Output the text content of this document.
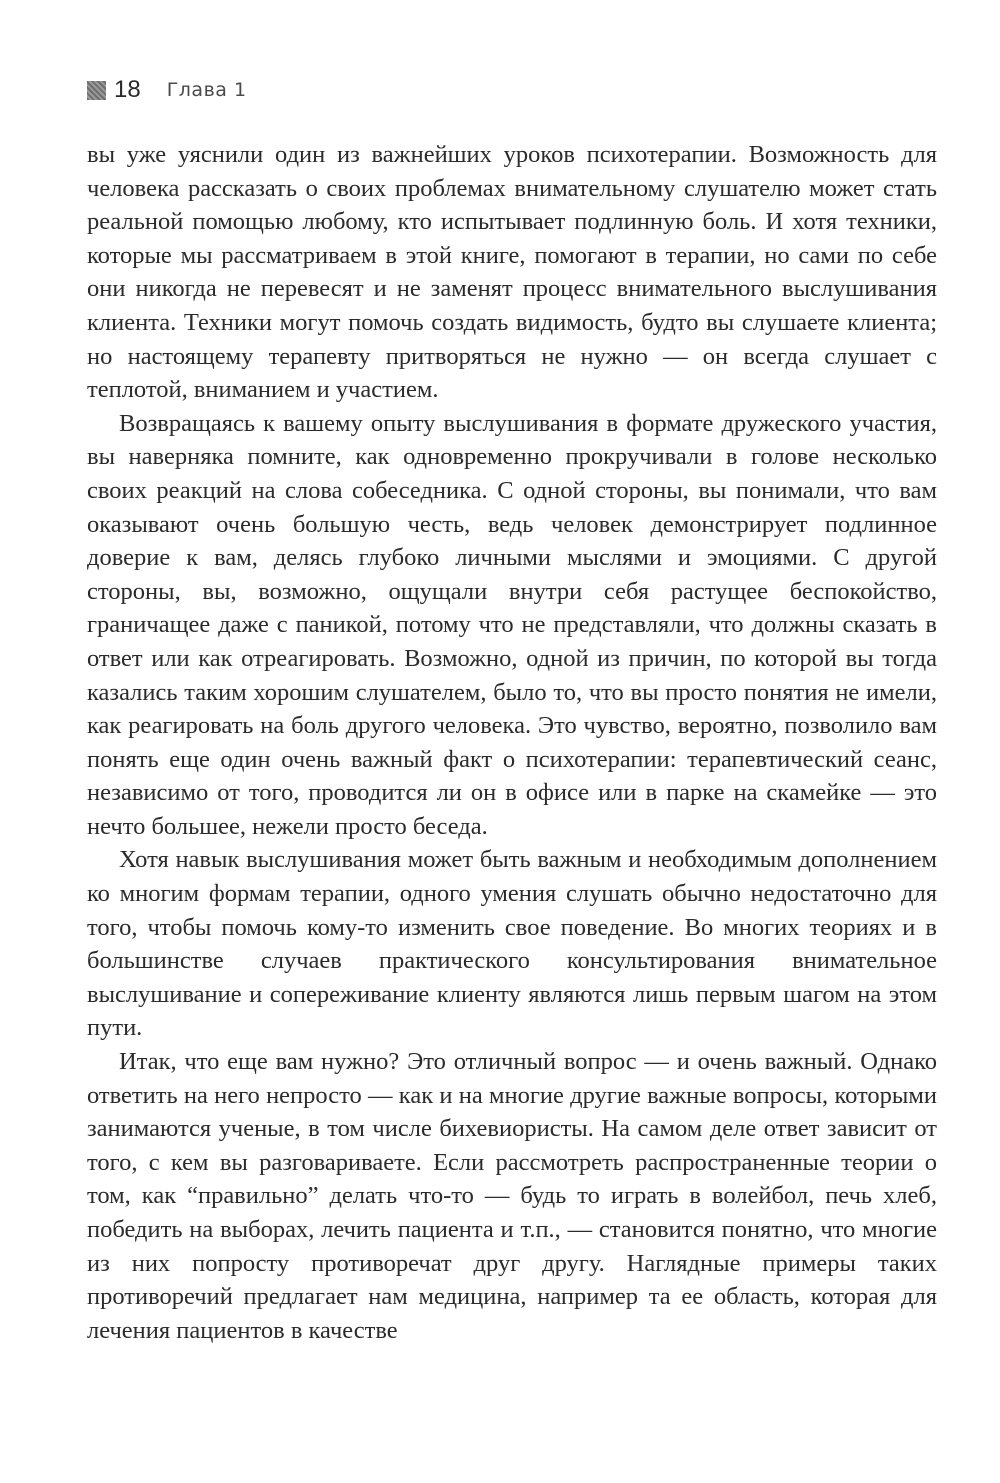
18 Глава 1

вы уже уяснили один из важнейших уроков психотерапии. Возможность для человека рассказать о своих проблемах внимательному слушателю может стать реальной помощью любому, кто испытывает подлинную боль. И хотя техники, которые мы рассматриваем в этой книге, помогают в терапии, но сами по себе они никогда не перевесят и не заменят процесс внимательного выслушивания клиента. Техники могут помочь создать видимость, будто вы слушаете клиента; но настоящему терапевту притворяться не нужно — он всегда слушает с теплотой, вниманием и участием.

Возвращаясь к вашему опыту выслушивания в формате дружеского участия, вы наверняка помните, как одновременно прокручивали в голове несколько своих реакций на слова собеседника. С одной стороны, вы понимали, что вам оказывают очень большую честь, ведь человек демонстрирует подлинное доверие к вам, делясь глубоко личными мыслями и эмоциями. С другой стороны, вы, возможно, ощущали внутри себя растущее беспокойство, граничащее даже с паникой, потому что не представляли, что должны сказать в ответ или как отреагировать. Возможно, одной из причин, по которой вы тогда казались таким хорошим слушателем, было то, что вы просто понятия не имели, как реагировать на боль другого человека. Это чувство, вероятно, позволило вам понять еще один очень важный факт о психотерапии: терапевтический сеанс, независимо от того, проводится ли он в офисе или в парке на скамейке — это нечто большее, нежели просто беседа.

Хотя навык выслушивания может быть важным и необходимым дополнением ко многим формам терапии, одного умения слушать обычно недостаточно для того, чтобы помочь кому-то изменить свое поведение. Во многих теориях и в большинстве случаев практического консультирования внимательное выслушивание и сопереживание клиенту являются лишь первым шагом на этом пути.

Итак, что еще вам нужно? Это отличный вопрос — и очень важный. Однако ответить на него непросто — как и на многие другие важные вопросы, которыми занимаются ученые, в том числе бихевиористы. На самом деле ответ зависит от того, с кем вы разговариваете. Если рассмотреть распространенные теории о том, как “правильно” делать что-то — будь то играть в волейбол, печь хлеб, победить на выборах, лечить пациента и т.п., — становится понятно, что многие из них попросту противоречат друг другу. Наглядные примеры таких противоречий предлагает нам медицина, например та ее область, которая для лечения пациентов в качестве
